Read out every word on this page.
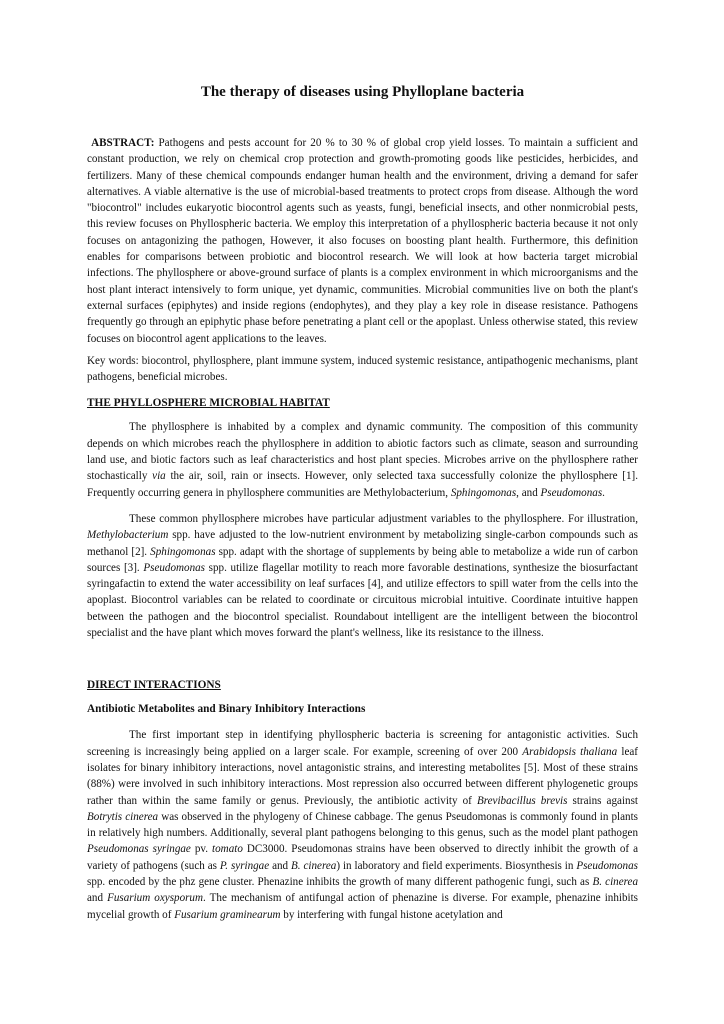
The therapy of diseases using Phylloplane bacteria

ABSTRACT: Pathogens and pests account for 20 % to 30 % of global crop yield losses. To maintain a sufficient and constant production, we rely on chemical crop protection and growth-promoting goods like pesticides, herbicides, and fertilizers. Many of these chemical compounds endanger human health and the environment, driving a demand for safer alternatives. A viable alternative is the use of microbial-based treatments to protect crops from disease. Although the word "biocontrol" includes eukaryotic biocontrol agents such as yeasts, fungi, beneficial insects, and other nonmicrobial pests, this review focuses on Phyllospheric bacteria. We employ this interpretation of a phyllospheric bacteria because it not only focuses on antagonizing the pathogen, However, it also focuses on boosting plant health. Furthermore, this definition enables for comparisons between probiotic and biocontrol research. We will look at how bacteria target microbial infections. The phyllosphere or above-ground surface of plants is a complex environment in which microorganisms and the host plant interact intensively to form unique, yet dynamic, communities. Microbial communities live on both the plant's external surfaces (epiphytes) and inside regions (endophytes), and they play a key role in disease resistance. Pathogens frequently go through an epiphytic phase before penetrating a plant cell or the apoplast. Unless otherwise stated, this review focuses on biocontrol agent applications to the leaves.

Key words: biocontrol, phyllosphere, plant immune system, induced systemic resistance, antipathogenic mechanisms, plant pathogens, beneficial microbes.

THE PHYLLOSPHERE MICROBIAL HABITAT

The phyllosphere is inhabited by a complex and dynamic community. The composition of this community depends on which microbes reach the phyllosphere in addition to abiotic factors such as climate, season and surrounding land use, and biotic factors such as leaf characteristics and host plant species. Microbes arrive on the phyllosphere rather stochastically via the air, soil, rain or insects. However, only selected taxa successfully colonize the phyllosphere [1]. Frequently occurring genera in phyllosphere communities are Methylobacterium, Sphingomonas, and Pseudomonas.

These common phyllosphere microbes have particular adjustment variables to the phyllosphere. For illustration, Methylobacterium spp. have adjusted to the low-nutrient environment by metabolizing single-carbon compounds such as methanol [2]. Sphingomonas spp. adapt with the shortage of supplements by being able to metabolize a wide run of carbon sources [3]. Pseudomonas spp. utilize flagellar motility to reach more favorable destinations, synthesize the biosurfactant syringafactin to extend the water accessibility on leaf surfaces [4], and utilize effectors to spill water from the cells into the apoplast. Biocontrol variables can be related to coordinate or circuitous microbial intuitive. Coordinate intuitive happen between the pathogen and the biocontrol specialist. Roundabout intelligent are the intelligent between the biocontrol specialist and the have plant which moves forward the plant's wellness, like its resistance to the illness.

DIRECT INTERACTIONS
Antibiotic Metabolites and Binary Inhibitory Interactions

The first important step in identifying phyllospheric bacteria is screening for antagonistic activities. Such screening is increasingly being applied on a larger scale. For example, screening of over 200 Arabidopsis thaliana leaf isolates for binary inhibitory interactions, novel antagonistic strains, and interesting metabolites [5]. Most of these strains (88%) were involved in such inhibitory interactions. Most repression also occurred between different phylogenetic groups rather than within the same family or genus. Previously, the antibiotic activity of Brevibacillus brevis strains against Botrytis cinerea was observed in the phylogeny of Chinese cabbage. The genus Pseudomonas is commonly found in plants in relatively high numbers. Additionally, several plant pathogens belonging to this genus, such as the model plant pathogen Pseudomonas syringae pv. tomato DC3000. Pseudomonas strains have been observed to directly inhibit the growth of a variety of pathogens (such as P. syringae and B. cinerea) in laboratory and field experiments. Biosynthesis in Pseudomonas spp. encoded by the phz gene cluster. Phenazine inhibits the growth of many different pathogenic fungi, such as B. cinerea and Fusarium oxysporum. The mechanism of antifungal action of phenazine is diverse. For example, phenazine inhibits mycelial growth of Fusarium graminearum by interfering with fungal histone acetylation and
